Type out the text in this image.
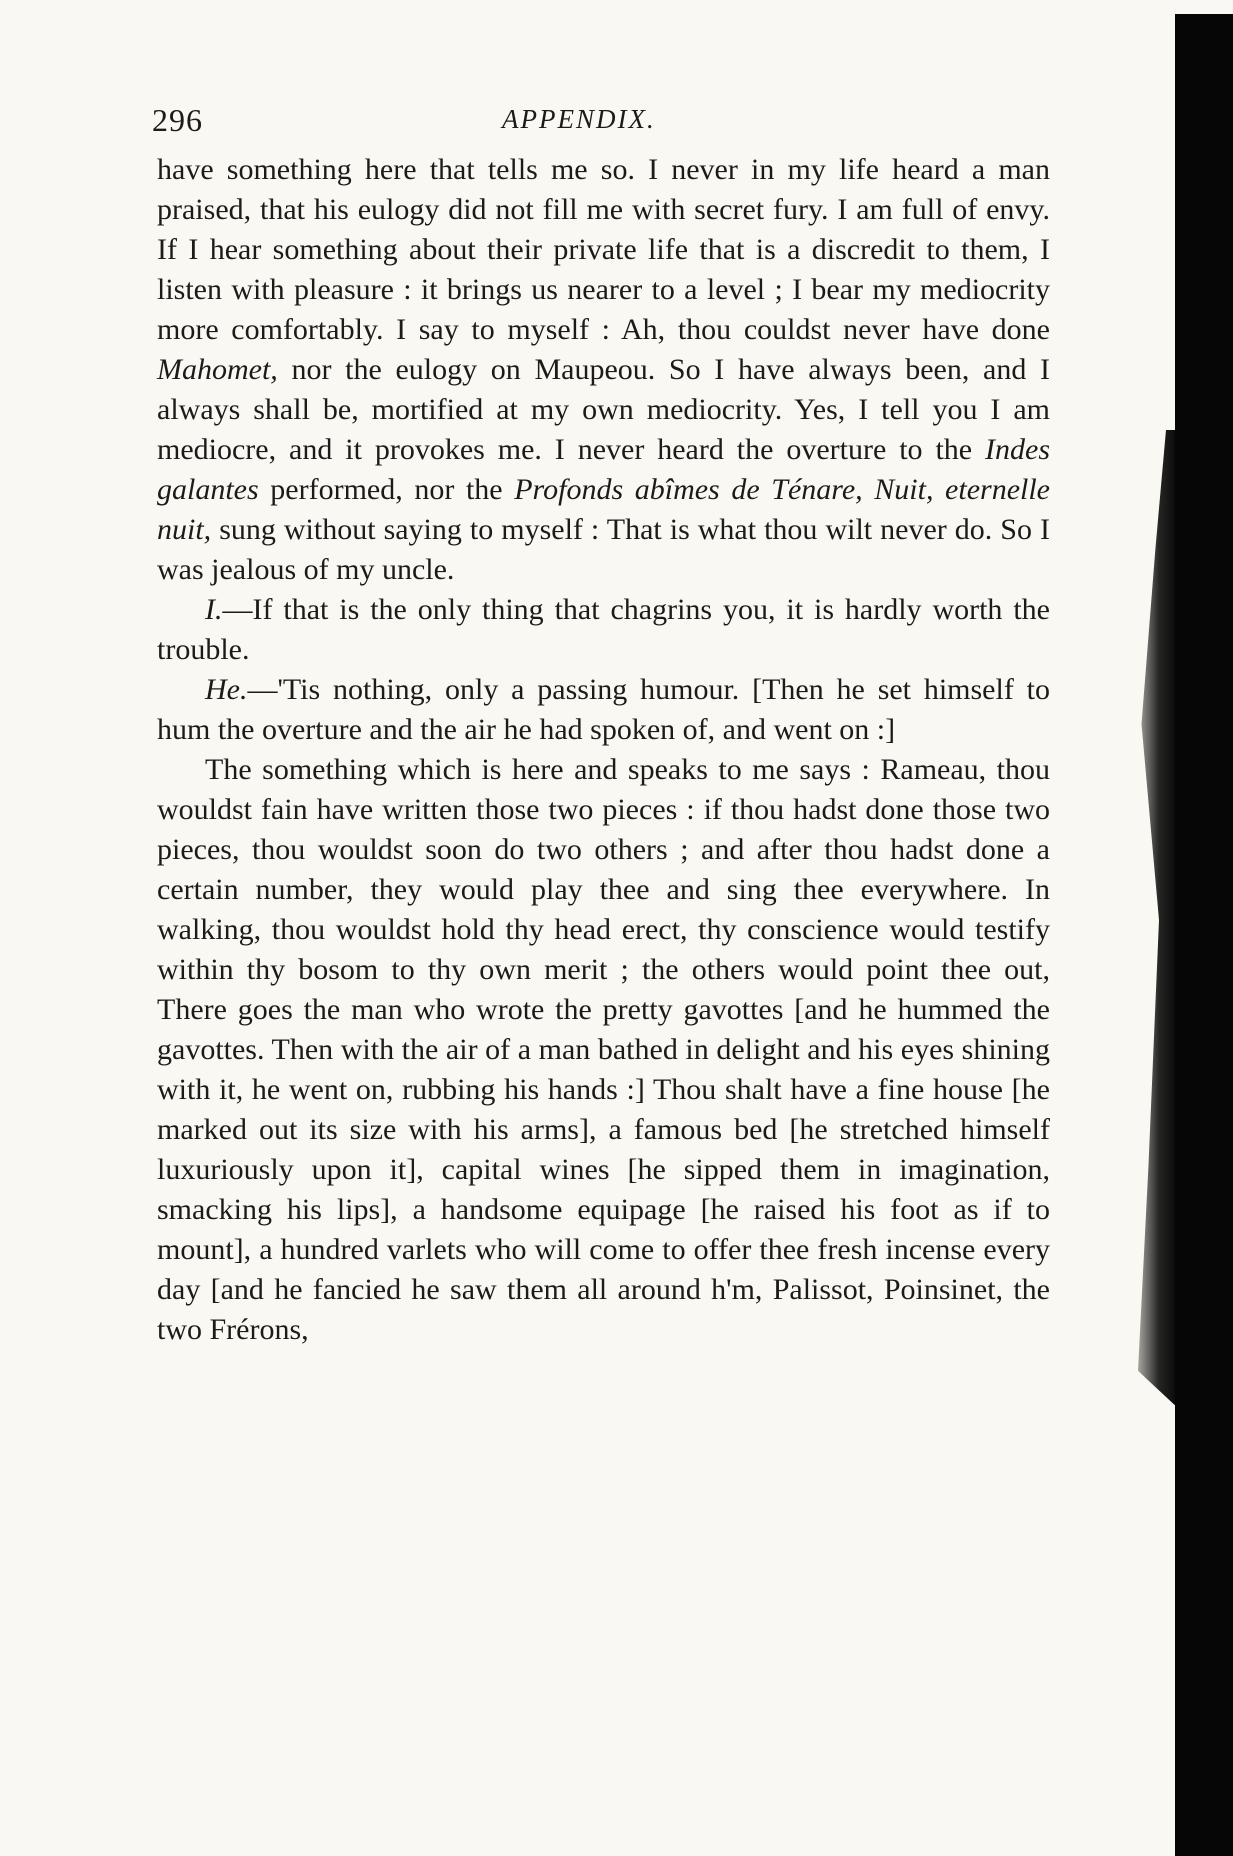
296	APPENDIX.

have something here that tells me so. I never in my life heard a man praised, that his eulogy did not fill me with secret fury. I am full of envy. If I hear something about their private life that is a discredit to them, I listen with pleasure : it brings us nearer to a level ; I bear my mediocrity more comfortably. I say to myself : Ah, thou couldst never have done Mahomet, nor the eulogy on Maupeou. So I have always been, and I always shall be, mortified at my own mediocrity. Yes, I tell you I am mediocre, and it provokes me. I never heard the overture to the Indes galantes performed, nor the Profonds abîmes de Ténare, Nuit, eternelle nuit, sung without saying to myself : That is what thou wilt never do. So I was jealous of my uncle.

I.—If that is the only thing that chagrins you, it is hardly worth the trouble.

He.—'Tis nothing, only a passing humour. [Then he set himself to hum the overture and the air he had spoken of, and went on :]

The something which is here and speaks to me says : Rameau, thou wouldst fain have written those two pieces : if thou hadst done those two pieces, thou wouldst soon do two others ; and after thou hadst done a certain number, they would play thee and sing thee everywhere. In walking, thou wouldst hold thy head erect, thy conscience would testify within thy bosom to thy own merit ; the others would point thee out, There goes the man who wrote the pretty gavottes [and he hummed the gavottes. Then with the air of a man bathed in delight and his eyes shining with it, he went on, rubbing his hands :] Thou shalt have a fine house [he marked out its size with his arms], a famous bed [he stretched himself luxuriously upon it], capital wines [he sipped them in imagination, smacking his lips], a handsome equipage [he raised his foot as if to mount], a hundred varlets who will come to offer thee fresh incense every day [and he fancied he saw them all around h'm, Palissot, Poinsinet, the two Frérons,
